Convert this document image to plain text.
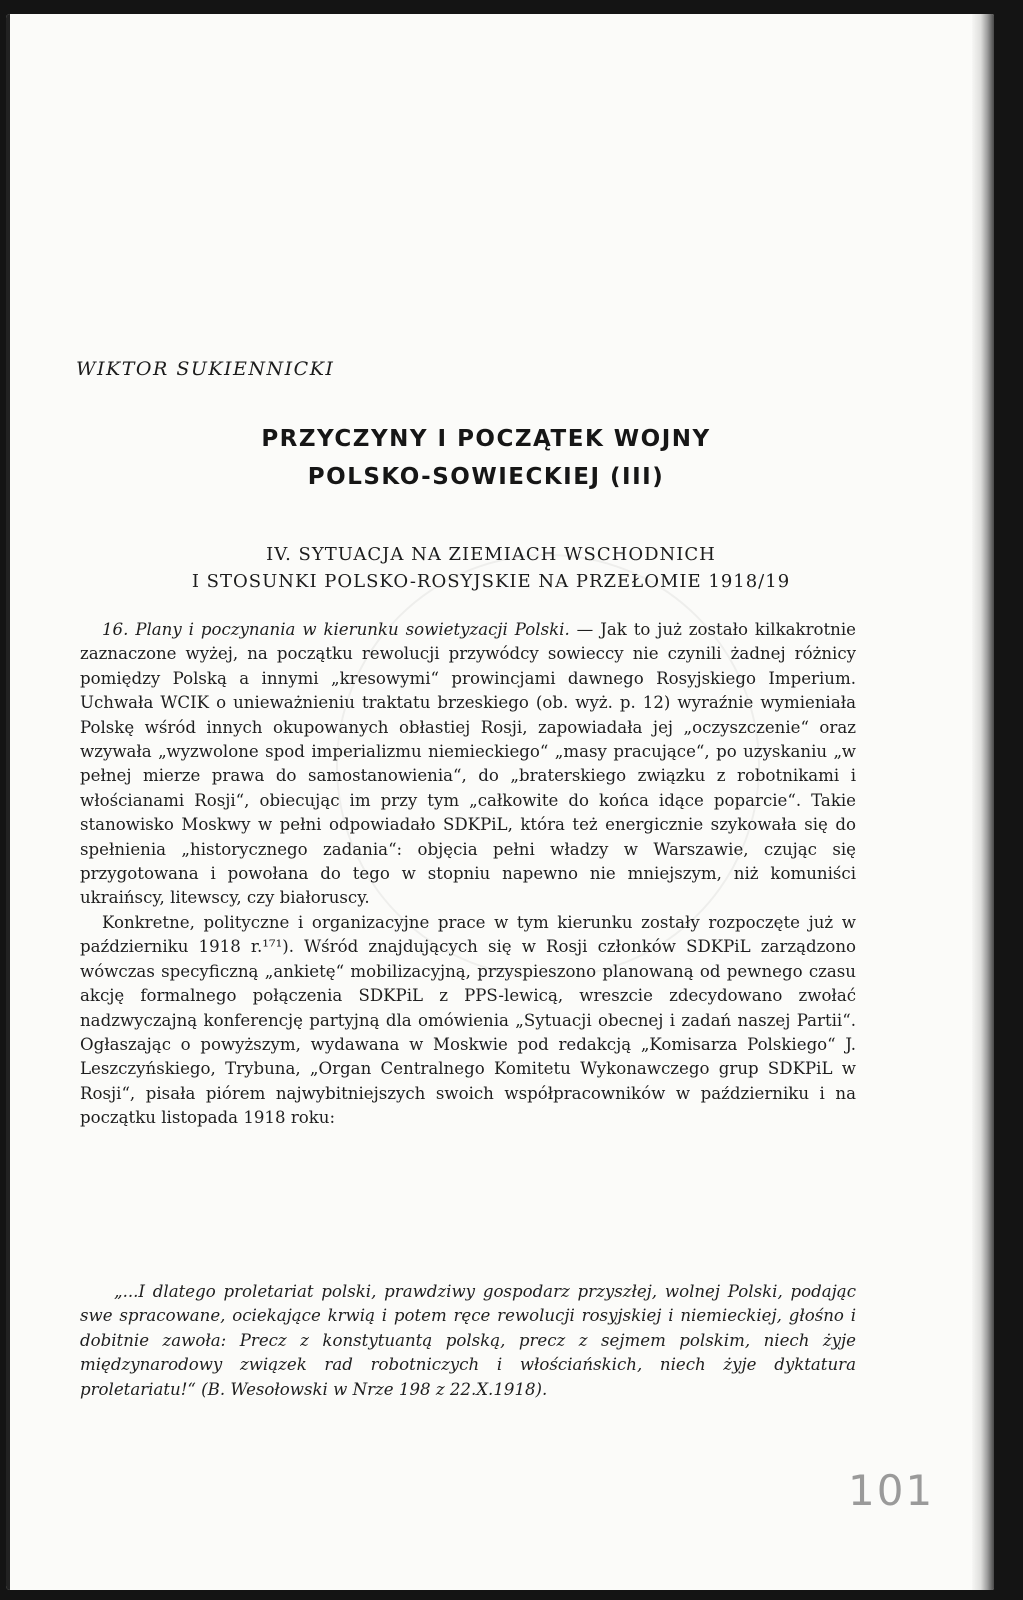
WIKTOR SUKIENNICKI
PRZYCZYNY I POCZĄTEK WOJNY
POLSKO-SOWIECKIEJ (III)
IV. SYTUACJA NA ZIEMIACH WSCHODNICH
I STOSUNKI POLSKO-ROSYJSKIE NA PRZEŁOMIE 1918/19

16. Plany i poczynania w kierunku sowietyzacji Polski. — Jak to już zostało kilkakrotnie zaznaczone wyżej, na początku rewolucji przywódcy sowieccy nie czynili żadnej różnicy pomiędzy Polską a innymi „kresowymi“ prowincjami dawnego Rosyjskiego Imperium. Uchwała WCIK o unieważnieniu traktatu brzeskiego (ob. wyż. p. 12) wyraźnie wymieniała Polskę wśród innych okupowanych obłastiej Rosji, zapowiadała jej „oczyszczenie“ oraz wzywała „wyzwolone spod imperializmu niemieckiego“ „masy pracujące“, po uzyskaniu „w pełnej mierze prawa do samostanowienia“, do „braterskiego związku z robotnikami i włościanami Rosji“, obiecując im przy tym „całkowite do końca idące poparcie“. Takie stanowisko Moskwy w pełni odpowiadało SDKPiL, która też energicznie szykowała się do spełnienia „historycznego zadania“: objęcia pełni władzy w Warszawie, czując się przygotowana i powołana do tego w stopniu napewno nie mniejszym, niż komuniści ukraińscy, litewscy, czy białoruscy.

Konkretne, polityczne i organizacyjne prace w tym kierunku zostały rozpoczęte już w październiku 1918 r.¹⁷¹). Wśród znajdujących się w Rosji członków SDKPiL zarządzono wówczas specyficzną „ankietę“ mobilizacyjną, przyspieszono planowaną od pewnego czasu akcję formalnego połączenia SDKPiL z PPS-lewicą, wreszcie zdecydowano zwołać nadzwyczajną konferencję partyjną dla omówienia „Sytuacji obecnej i zadań naszej Partii“. Ogłaszając o powyższym, wydawana w Moskwie pod redakcją „Komisarza Polskiego“ J. Leszczyńskiego, Trybuna, „Organ Centralnego Komitetu Wykonawczego grup SDKPiL w Rosji“, pisała piórem najwybitniejszych swoich współpracowników w październiku i na początku listopada 1918 roku:

„...I dlatego proletariat polski, prawdziwy gospodarz przyszłej, wolnej Polski, podając swe spracowane, ociekające krwią i potem ręce rewolucji rosyjskiej i niemieckiej, głośno i dobitnie zawoła: Precz z konstytuantą polską, precz z sejmem polskim, niech żyje międzynarodowy związek rad robotniczych i włościańskich, niech żyje dyktatura proletariatu!“ (B. Wesołowski w Nrze 198 z 22.X.1918).
101
